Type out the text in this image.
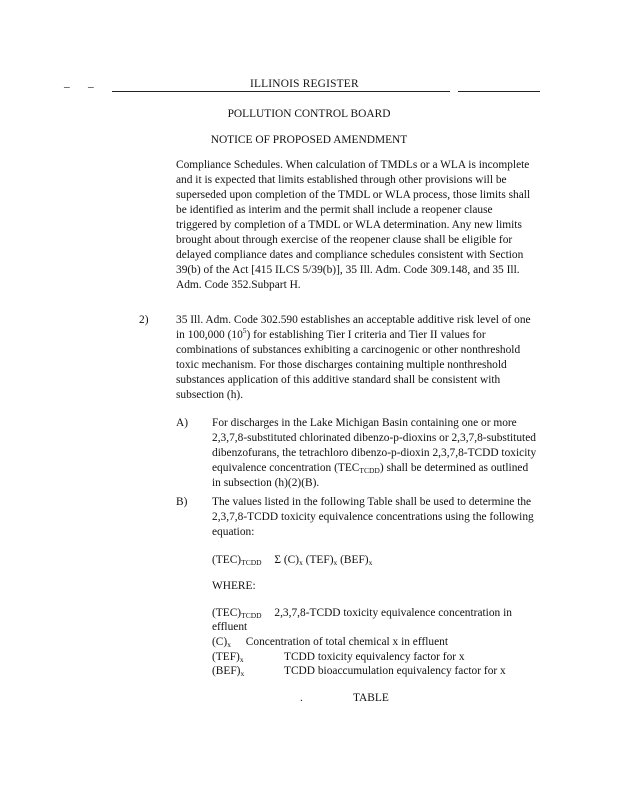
– –	ILLINOIS REGISTER
POLLUTION CONTROL BOARD
NOTICE OF PROPOSED AMENDMENT
Compliance Schedules. When calculation of TMDLs or a WLA is incomplete and it is expected that limits established through other provisions will be superseded upon completion of the TMDL or WLA process, those limits shall be identified as interim and the permit shall include a reopener clause triggered by completion of a TMDL or WLA determination. Any new limits brought about through exercise of the reopener clause shall be eligible for delayed compliance dates and compliance schedules consistent with Section 39(b) of the Act [415 ILCS 5/39(b)], 35 Ill. Adm. Code 309.148, and 35 Ill. Adm. Code 352.Subpart H.
2) 35 Ill. Adm. Code 302.590 establishes an acceptable additive risk level of one in 100,000 $(10^5)$ for establishing Tier I criteria and Tier II values for combinations of substances exhibiting a carcinogenic or other nonthreshold toxic mechanism. For those discharges containing multiple nonthreshold substances application of this additive standard shall be consistent with subsection (h).
A) For discharges in the Lake Michigan Basin containing one or more 2,3,7,8-substituted chlorinated dibenzo-p-dioxins or 2,3,7,8-substituted dibenzofurans, the tetrachloro dibenzo-p-dioxin 2,3,7,8-TCDD toxicity equivalence concentration $(TEC_{TCDD})$ shall be determined as outlined in subsection (h)(2)(B).
B) The values listed in the following Table shall be used to determine the 2,3,7,8-TCDD toxicity equivalence concentrations using the following equation:
$(TEC)_{TCDD}$ Σ $(C)_x$ $(TEF)_x$ $(BEF)_x$
WHERE:
$(TEC)_{TCDD}$ 2,3,7,8-TCDD toxicity equivalence concentration in
effluent
$(C)_x$ Concentration of total chemical x in effluent
$(TEF)_x$	TCDD toxicity equivalency factor for x
$(BEF)_x$	TCDD bioaccumulation equivalency factor for x
.	TABLE
